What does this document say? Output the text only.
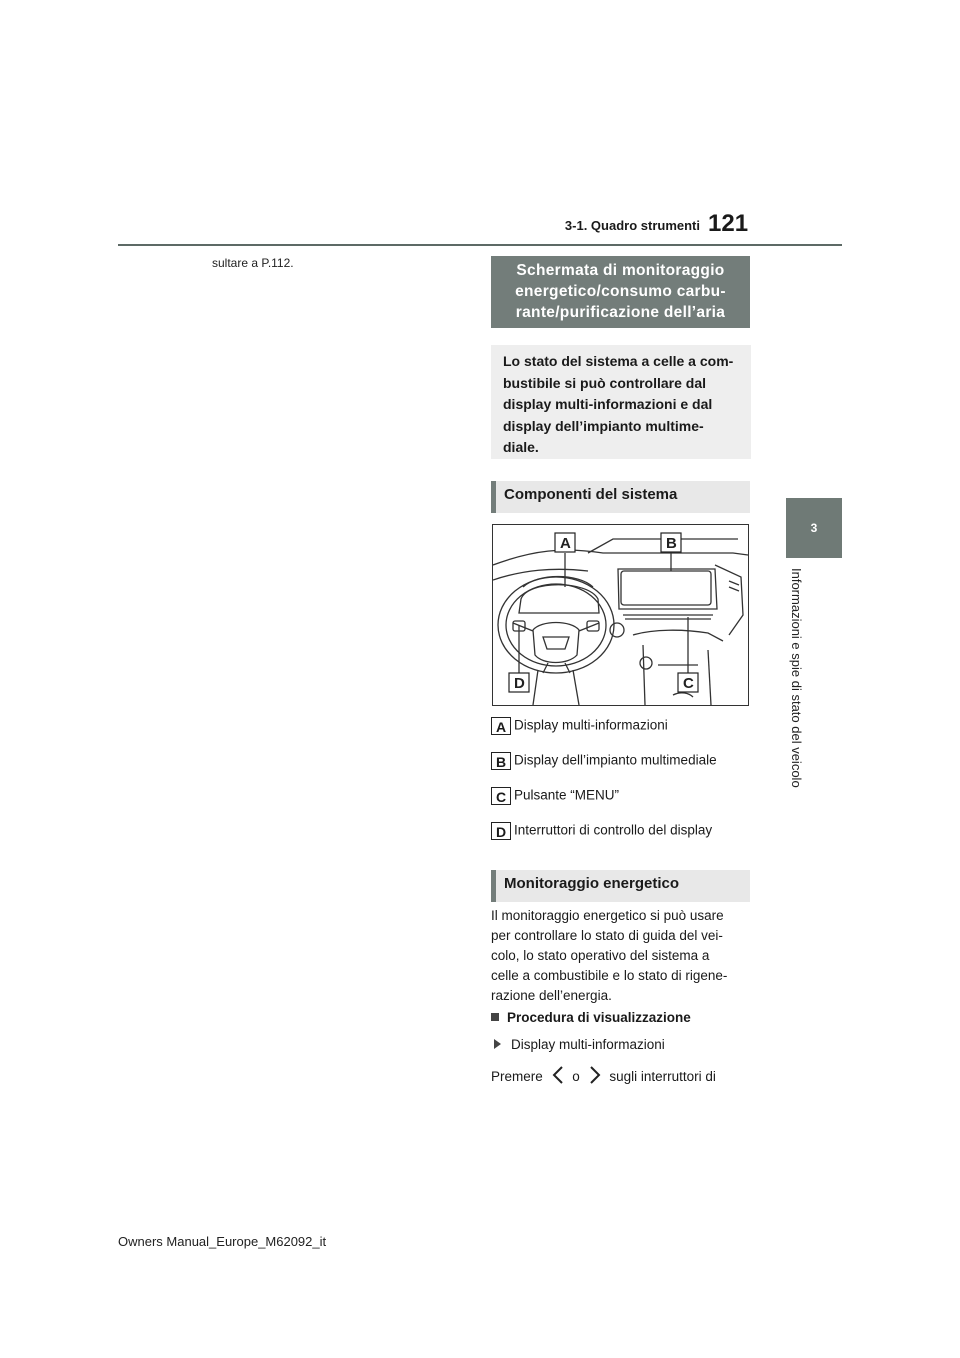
3-1. Quadro strumenti 121
3
Informazioni e spie di stato del veicolo
sultare a P.112.	Schermata di monitoraggio
energetico/consumo carbu-
rante/purificazione dell’aria
Lo stato del sistema a celle a com-
bustibile si può controllare dal
display multi-informazioni e dal
display dell’impianto multime-
diale.
Componenti del sistema
A	B
C
D
A Display multi-informazioni
B Display dell’impianto multimediale
C Pulsante “MENU”
D Interruttori di controllo del display
Monitoraggio energetico
Il monitoraggio energetico si può usare
per controllare lo stato di guida del vei-
colo, lo stato operativo del sistema a
celle a combustibile e lo stato di rigene-
razione dell’energia.
Procedura di visualizzazione
Display multi-informazioni
Premere o sugli interruttori di
Owners Manual_Europe_M62092_it
